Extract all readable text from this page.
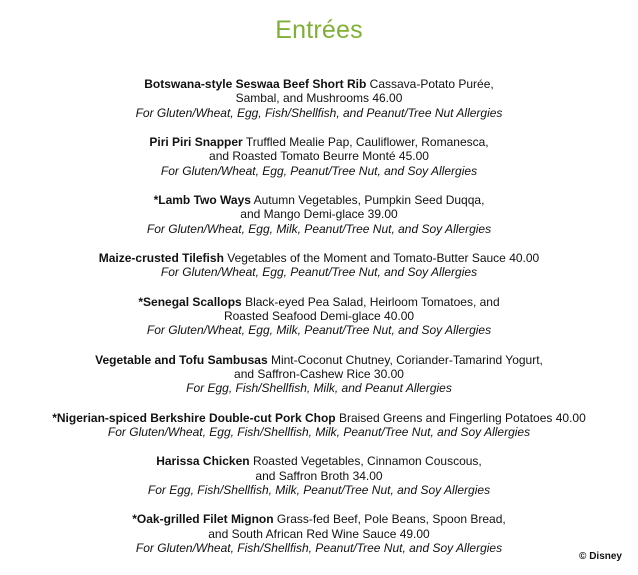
Entrées
Botswana-style Seswaa Beef Short Rib Cassava-Potato Purée,
Sambal, and Mushrooms 46.00
For Gluten/Wheat, Egg, Fish/Shellfish, and Peanut/Tree Nut Allergies
Piri Piri Snapper Truffled Mealie Pap, Cauliflower, Romanesca,
and Roasted Tomato Beurre Monté 45.00
For Gluten/Wheat, Egg, Peanut/Tree Nut, and Soy Allergies
*Lamb Two Ways Autumn Vegetables, Pumpkin Seed Duqqa,
and Mango Demi-glace 39.00
For Gluten/Wheat, Egg, Milk, Peanut/Tree Nut, and Soy Allergies
Maize-crusted Tilefish Vegetables of the Moment and Tomato-Butter Sauce 40.00
For Gluten/Wheat, Egg, Peanut/Tree Nut, and Soy Allergies
*Senegal Scallops Black-eyed Pea Salad, Heirloom Tomatoes, and
Roasted Seafood Demi-glace 40.00
For Gluten/Wheat, Egg, Milk, Peanut/Tree Nut, and Soy Allergies
Vegetable and Tofu Sambusas Mint-Coconut Chutney, Coriander-Tamarind Yogurt,
and Saffron-Cashew Rice 30.00
For Egg, Fish/Shellfish, Milk, and Peanut Allergies
*Nigerian-spiced Berkshire Double-cut Pork Chop Braised Greens and Fingerling Potatoes 40.00
For Gluten/Wheat, Egg, Fish/Shellfish, Milk, Peanut/Tree Nut, and Soy Allergies
Harissa Chicken Roasted Vegetables, Cinnamon Couscous,
and Saffron Broth 34.00
For Egg, Fish/Shellfish, Milk, Peanut/Tree Nut, and Soy Allergies
*Oak-grilled Filet Mignon Grass-fed Beef, Pole Beans, Spoon Bread,
and South African Red Wine Sauce 49.00
For Gluten/Wheat, Fish/Shellfish, Peanut/Tree Nut, and Soy Allergies
© Disney
